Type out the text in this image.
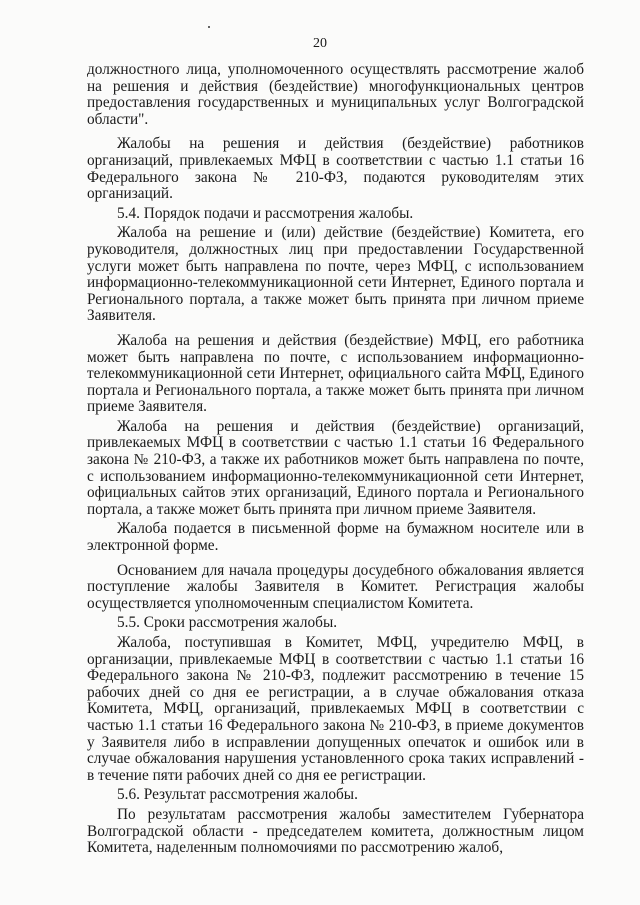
20

должностного лица, уполномоченного осуществлять рассмотрение жалоб на решения и действия (бездействие) многофункциональных центров предоставления государственных и муниципальных услуг Волгоградской области".

Жалобы на решения и действия (бездействие) работников организаций, привлекаемых МФЦ в соответствии с частью 1.1 статьи 16 Федерального закона № 210-ФЗ, подаются руководителям этих организаций.

5.4. Порядок подачи и рассмотрения жалобы.

Жалоба на решение и (или) действие (бездействие) Комитета, его руководителя, должностных лиц при предоставлении Государственной услуги может быть направлена по почте, через МФЦ, с использованием информационно-телекоммуникационной сети Интернет, Единого портала и Регионального портала, а также может быть принята при личном приеме Заявителя.

Жалоба на решения и действия (бездействие) МФЦ, его работника может быть направлена по почте, с использованием информационно-телекоммуникационной сети Интернет, официального сайта МФЦ, Единого портала и Регионального портала, а также может быть принята при личном приеме Заявителя.

Жалоба на решения и действия (бездействие) организаций, привлекаемых МФЦ в соответствии с частью 1.1 статьи 16 Федерального закона № 210-ФЗ, а также их работников может быть направлена по почте, с использованием информационно-телекоммуникационной сети Интернет, официальных сайтов этих организаций, Единого портала и Регионального портала, а также может быть принята при личном приеме Заявителя.

Жалоба подается в письменной форме на бумажном носителе или в электронной форме.

Основанием для начала процедуры досудебного обжалования является поступление жалобы Заявителя в Комитет. Регистрация жалобы осуществляется уполномоченным специалистом Комитета.

5.5. Сроки рассмотрения жалобы.

Жалоба, поступившая в Комитет, МФЦ, учредителю МФЦ, в организации, привлекаемые МФЦ в соответствии с частью 1.1 статьи 16 Федерального закона № 210-ФЗ, подлежит рассмотрению в течение 15 рабочих дней со дня ее регистрации, а в случае обжалования отказа Комитета, МФЦ, организаций, привлекаемых МФЦ в соответствии с частью 1.1 статьи 16 Федерального закона № 210-ФЗ, в приеме документов у Заявителя либо в исправлении допущенных опечаток и ошибок или в случае обжалования нарушения установленного срока таких исправлений - в течение пяти рабочих дней со дня ее регистрации.

5.6. Результат рассмотрения жалобы.

По результатам рассмотрения жалобы заместителем Губернатора Волгоградской области - председателем комитета, должностным лицом Комитета, наделенным полномочиями по рассмотрению жалоб,
